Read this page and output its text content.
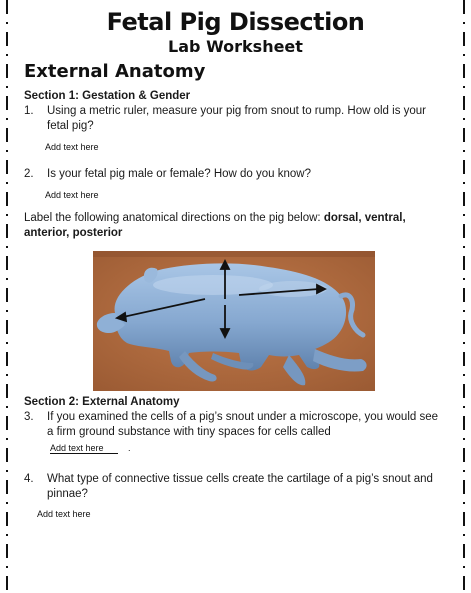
Fetal Pig Dissection
Lab Worksheet
External Anatomy
Section 1: Gestation & Gender
1.	Using a metric ruler, measure your pig from snout to rump. How old is your fetal pig?
Add text here
2.	Is your fetal pig male or female? How do you know?
Add text here
Label the following anatomical directions on the pig below: dorsal, ventral, anterior, posterior
Section 2: External Anatomy
3.	If you examined the cells of a pig’s snout under a microscope, you would see a firm ground substance with tiny spaces for cells called
Add text here	.
4.	What type of connective tissue cells create the cartilage of a pig’s snout and pinnae?
Add text here
